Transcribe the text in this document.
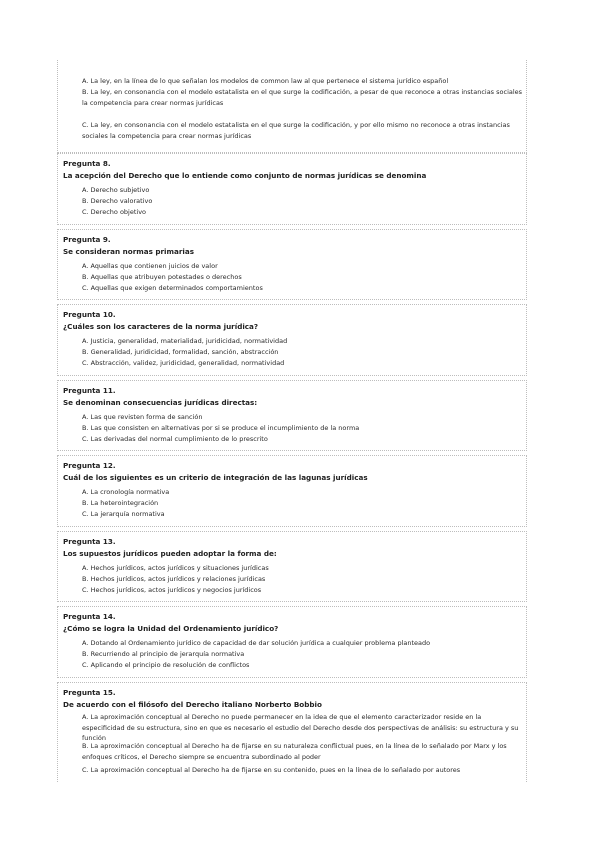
A. La ley, en la línea de lo que señalan los modelos de common law al que pertenece el sistema jurídico español
B. La ley, en consonancia con el modelo estatalista en el que surge la codificación, a pesar de que reconoce a otras instancias sociales la competencia para crear normas jurídicas
C. La ley, en consonancia con el modelo estatalista en el que surge la codificación, y por ello mismo no reconoce a otras instancias sociales la competencia para crear normas jurídicas
Pregunta 8.
La acepción del Derecho que lo entiende como conjunto de normas jurídicas se denomina
A. Derecho subjetivo
B. Derecho valorativo
C. Derecho objetivo
Pregunta 9.
Se consideran normas primarias
A. Aquellas que contienen juicios de valor
B. Aquellas que atribuyen potestades o derechos
C. Aquellas que exigen determinados comportamientos
Pregunta 10.
¿Cuáles son los caracteres de la norma jurídica?
A. Justicia, generalidad, materialidad, juridicidad, normatividad
B. Generalidad, juridicidad, formalidad, sanción, abstracción
C. Abstracción, validez, juridicidad, generalidad, normatividad
Pregunta 11.
Se denominan consecuencias jurídicas directas:
A. Las que revisten forma de sanción
B. Las que consisten en alternativas por si se produce el incumplimiento de la norma
C. Las derivadas del normal cumplimiento de lo prescrito
Pregunta 12.
Cuál de los siguientes es un criterio de integración de las lagunas jurídicas
A. La cronología normativa
B. La heterointegración
C. La jerarquía normativa
Pregunta 13.
Los supuestos jurídicos pueden adoptar la forma de:
A. Hechos jurídicos, actos jurídicos y situaciones jurídicas
B. Hechos jurídicos, actos jurídicos y relaciones jurídicas
C. Hechos jurídicos, actos jurídicos y negocios jurídicos
Pregunta 14.
¿Cómo se logra la Unidad del Ordenamiento jurídico?
A. Dotando al Ordenamiento jurídico de capacidad de dar solución jurídica a cualquier problema planteado
B. Recurriendo al principio de jerarquía normativa
C. Aplicando el principio de resolución de conflictos
Pregunta 15.
De acuerdo con el filósofo del Derecho italiano Norberto Bobbio
A. La aproximación conceptual al Derecho no puede permanecer en la idea de que el elemento caracterizador reside en la especificidad de su estructura, sino en que es necesario el estudio del Derecho desde dos perspectivas de análisis: su estructura y su función
B. La aproximación conceptual al Derecho ha de fijarse en su naturaleza conflictual pues, en la línea de lo señalado por Marx y los enfoques críticos, el Derecho siempre se encuentra subordinado al poder
C. La aproximación conceptual al Derecho ha de fijarse en su contenido, pues en la línea de lo señalado por autores
